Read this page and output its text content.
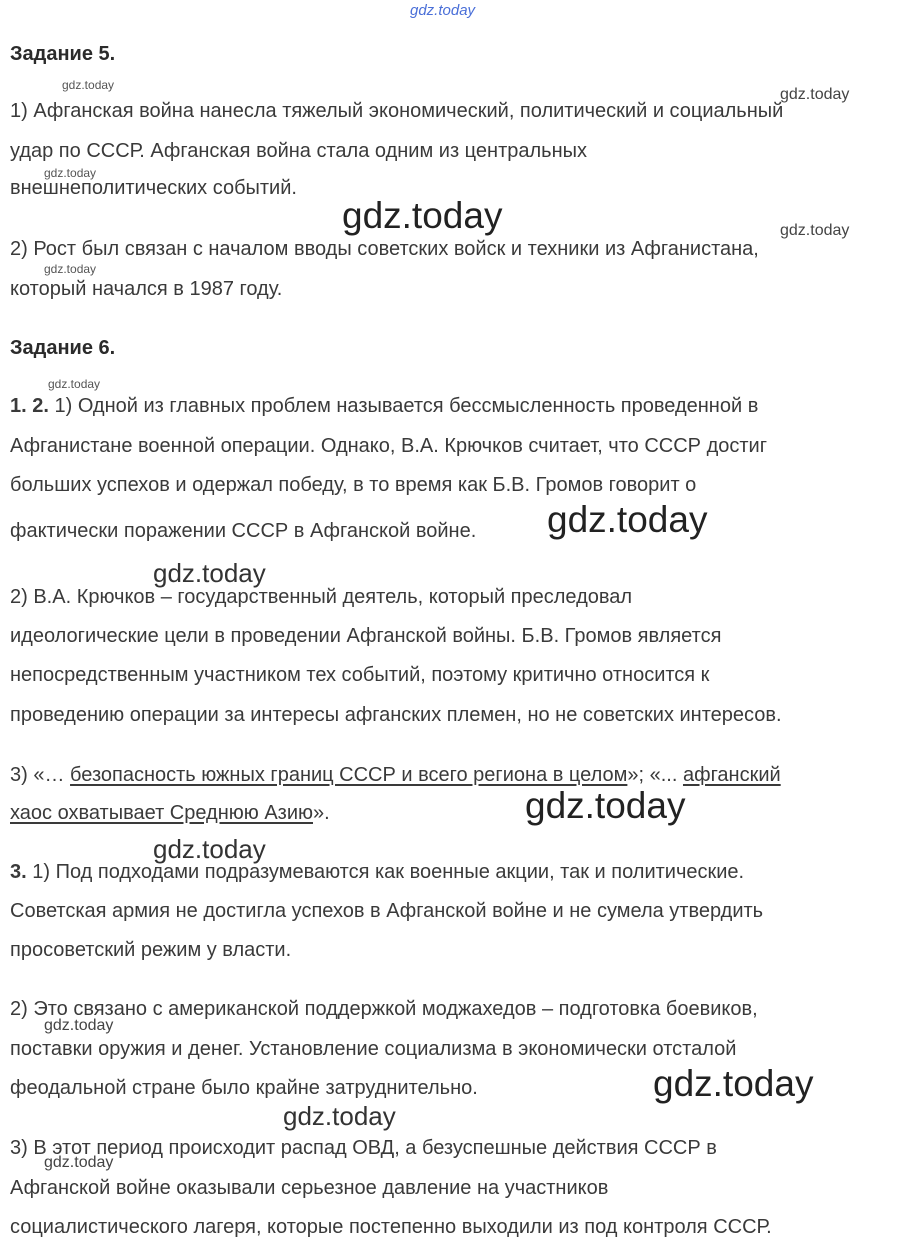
gdz.today
Задание 5.
gdz.today
gdz.today
1) Афганская война нанесла тяжелый экономический, политический и социальный
удар по СССР. Афганская война стала одним из центральных
gdz.today
внешнеполитических событий.
gdz.today	gdz.today
2) Рост был связан с началом вводы советских войск и техники из Афганистана,
gdz.today
который начался в 1987 году.
Задание 6.
gdz.today
1. 2. 1) Одной из главных проблем называется бессмысленность проведенной в
Афганистане военной операции. Однако, В.А. Крючков считает, что СССР достиг
больших успехов и одержал победу, в то время как Б.В. Громов говорит о
фактически поражении СССР в Афганской войне. gdz.today
gdz.today
2) В.А. Крючков – государственный деятель, который преследовал
идеологические цели в проведении Афганской войны. Б.В. Громов является
непосредственным участником тех событий, поэтому критично относится к
проведению операции за интересы афганских племен, но не советских интересов.
3) «… безопасность южных границ СССР и всего региона в целом»; «... афганский
хаос охватывает Среднюю Азию».	gdz.today
gdz.today
3. 1) Под подходами подразумеваются как военные акции, так и политические.
Советская армия не достигла успехов в Афганской войне и не сумела утвердить
просоветский режим у власти.
2) Это связано с американской поддержкой моджахедов – подготовка боевиков,
gdz.today
поставки оружия и денег. Установление социализма в экономически отсталой
феодальной стране было крайне затруднительно.	gdz.today
gdz.today
3) В этот период происходит распад ОВД, а безуспешные действия СССР в
gdz.today
Афганской войне оказывали серьезное давление на участников
социалистического лагеря, которые постепенно выходили из под контроля СССР.
